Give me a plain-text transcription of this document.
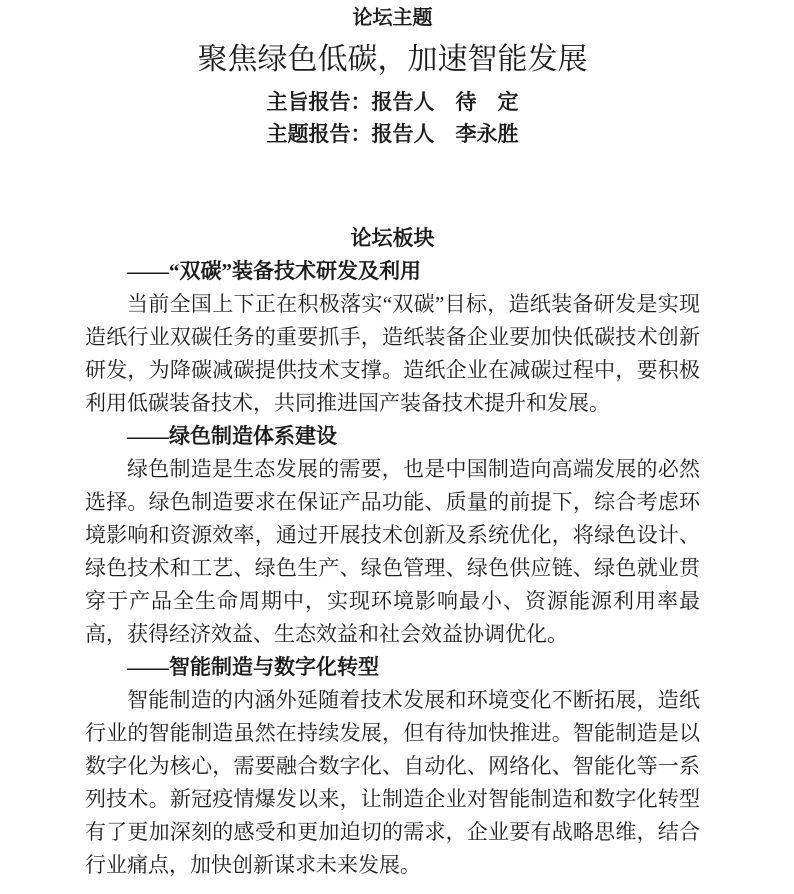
论坛主题
聚焦绿色低碳，加速智能发展
主旨报告：报告人　待　定
主题报告：报告人　李永胜
论坛板块
——“双碳”装备技术研发及利用

当前全国上下正在积极落实“双碳”目标，造纸装备研发是实现造纸行业双碳任务的重要抓手，造纸装备企业要加快低碳技术创新研发，为降碳减碳提供技术支撑。造纸企业在减碳过程中，要积极利用低碳装备技术，共同推进国产装备技术提升和发展。

——绿色制造体系建设

绿色制造是生态发展的需要，也是中国制造向高端发展的必然选择。绿色制造要求在保证产品功能、质量的前提下，综合考虑环境影响和资源效率，通过开展技术创新及系统优化，将绿色设计、绿色技术和工艺、绿色生产、绿色管理、绿色供应链、绿色就业贯穿于产品全生命周期中，实现环境影响最小、资源能源利用率最高，获得经济效益、生态效益和社会效益协调优化。

——智能制造与数字化转型

智能制造的内涵外延随着技术发展和环境变化不断拓展，造纸行业的智能制造虽然在持续发展，但有待加快推进。智能制造是以数字化为核心，需要融合数字化、自动化、网络化、智能化等一系列技术。新冠疫情爆发以来，让制造企业对智能制造和数字化转型有了更加深刻的感受和更加迫切的需求，企业要有战略思维，结合行业痛点，加快创新谋求未来发展。
